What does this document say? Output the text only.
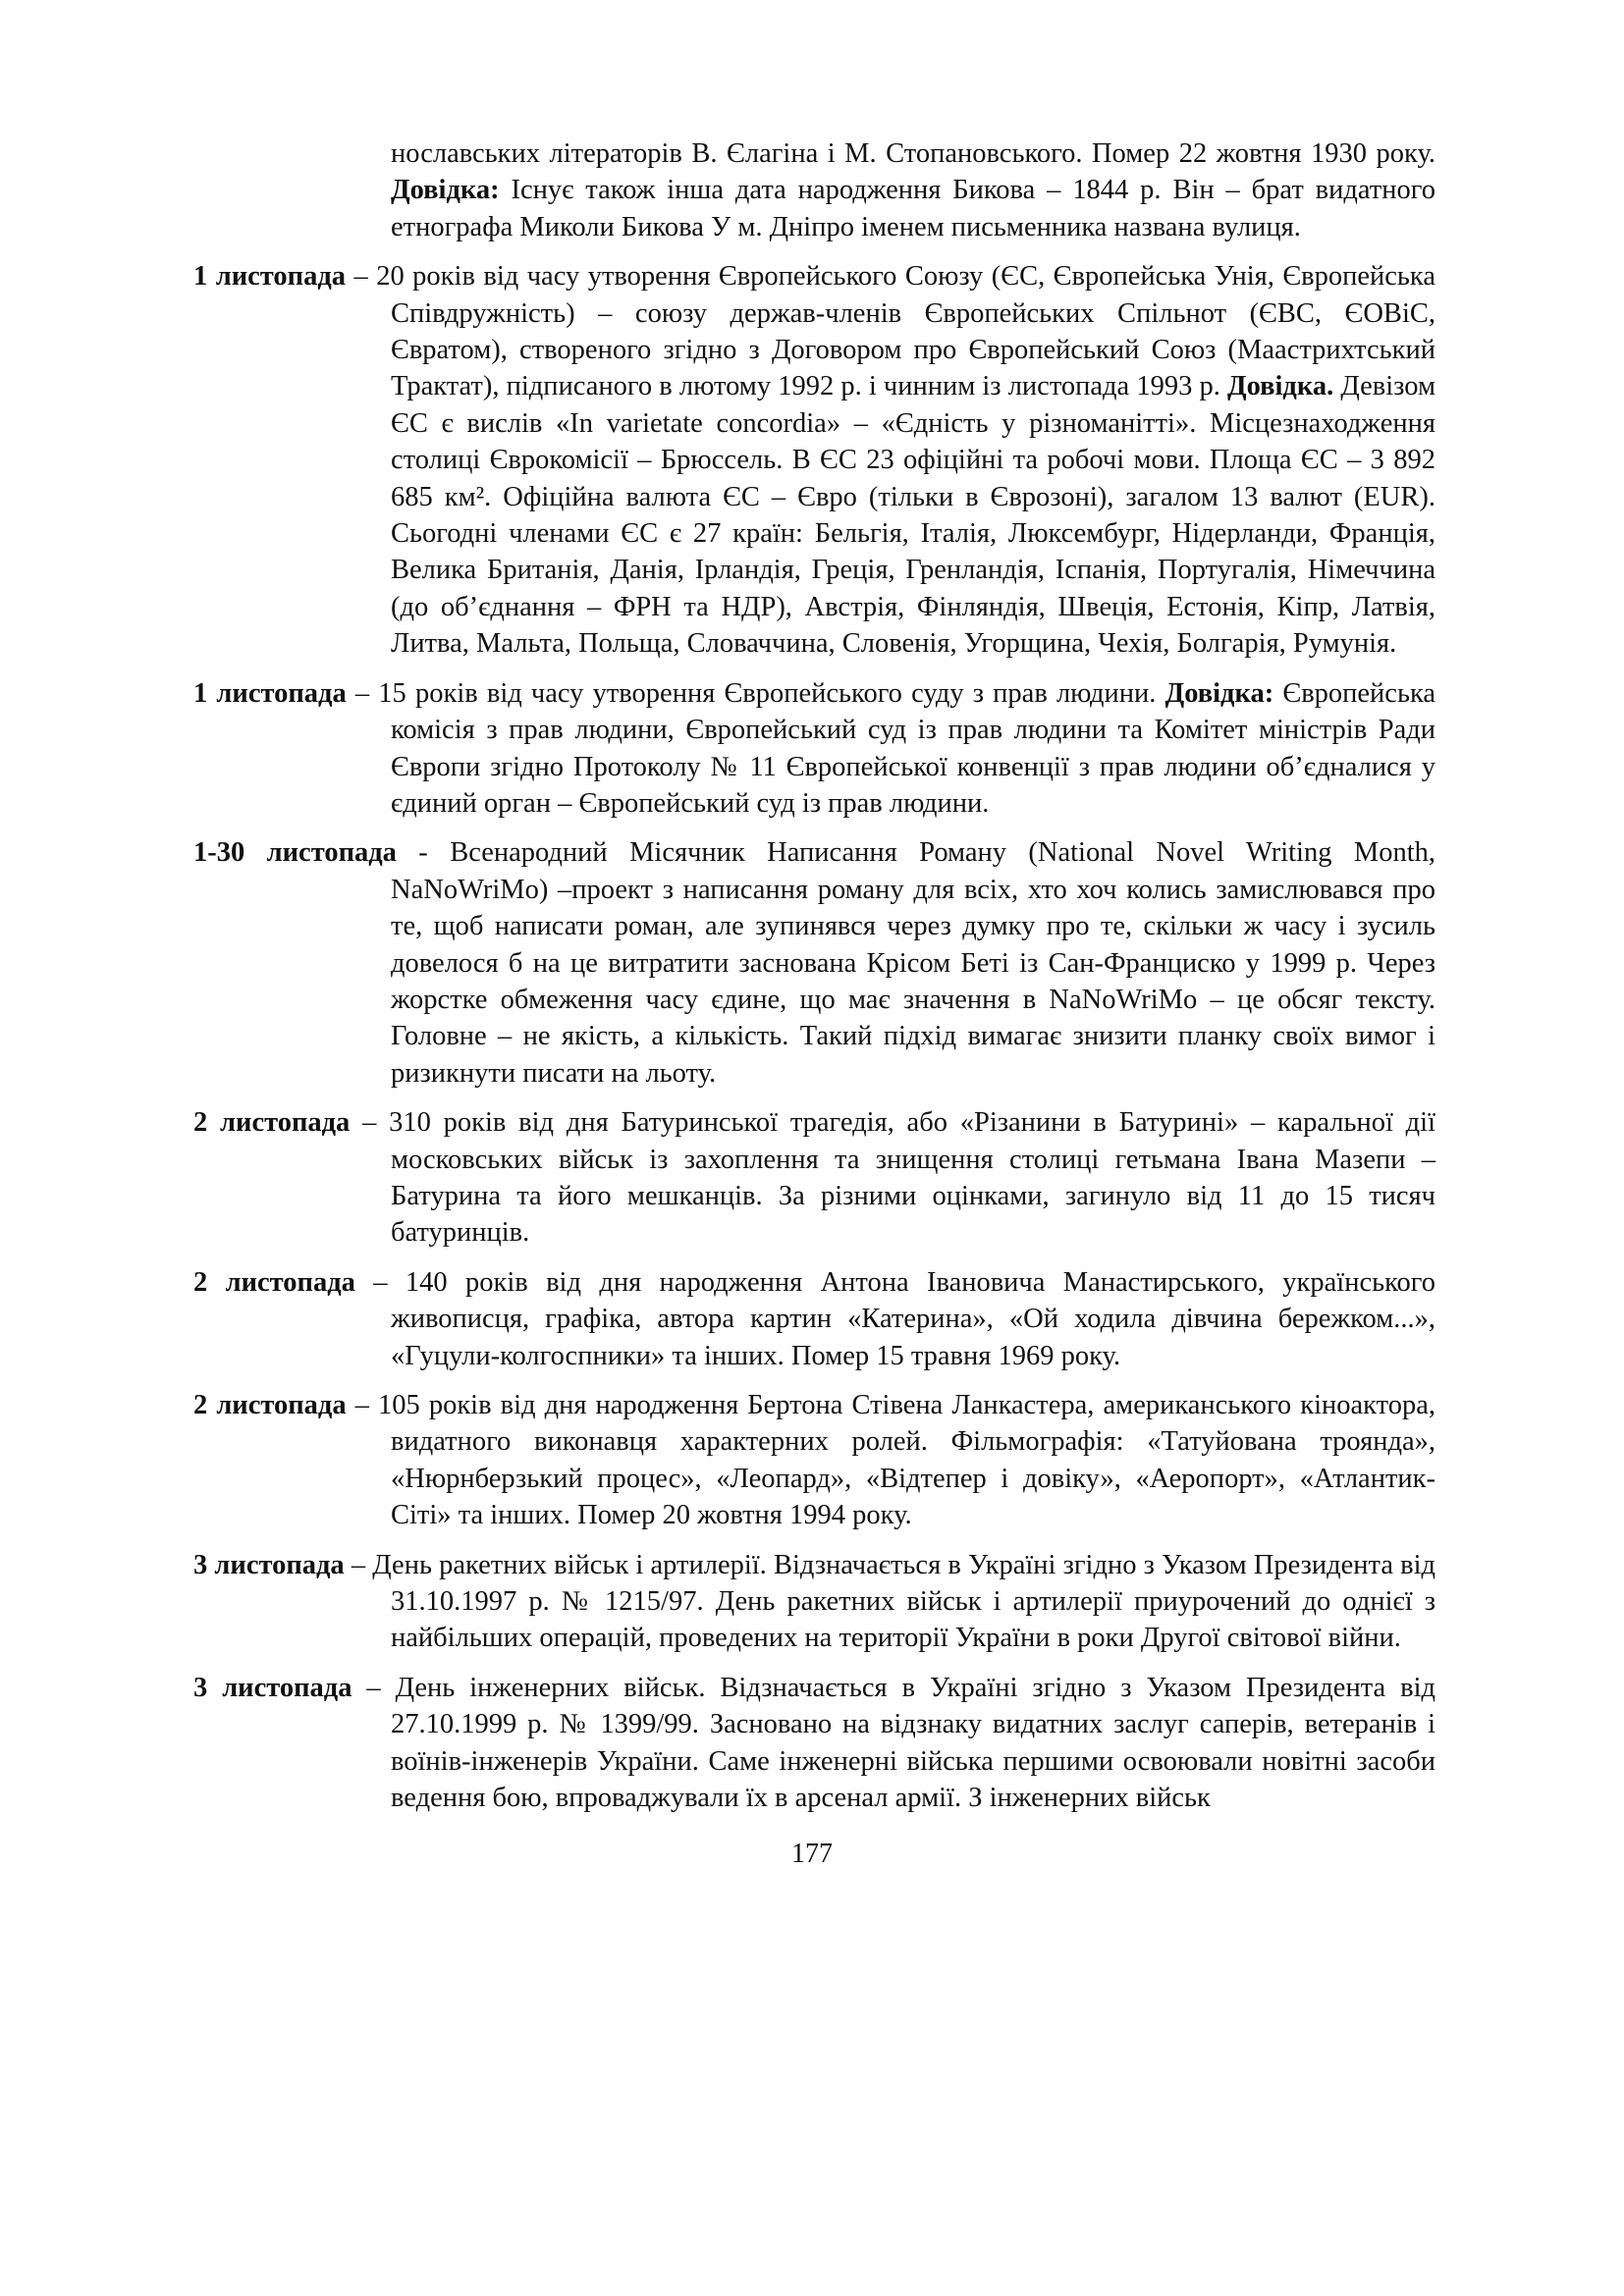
нославських літераторів В. Єлагіна і М. Стопановського. Помер 22 жовтня 1930 року. Довідка: Існує також інша дата народження Бикова – 1844 р. Він – брат видатного етнографа Миколи Бикова У м. Дніпро іменем письменника названа вулиця.

1 листопада – 20 років від часу утворення Європейського Союзу (ЄС, Європейська Унія, Європейська Співдружність) – союзу держав-членів Європейських Спільнот (ЄВС, ЄОВіС, Євратом), створеного згідно з Договором про Європейський Союз (Маастрихтський Трактат), підписаного в лютому 1992 р. і чинним із листопада 1993 р. Довідка. Девізом ЄС є вислів «In varietate concordia» – «Єдність у різноманітті». Місцезнаходження столиці Єврокомісії – Брюссель. В ЄС 23 офіційні та робочі мови. Площа ЄС – 3 892 685 км². Офіційна валюта ЄС – Євро (тільки в Єврозоні), загалом 13 валют (EUR). Сьогодні членами ЄС є 27 країн: Бельгія, Італія, Люксембург, Нідерланди, Франція, Велика Британія, Данія, Ірландія, Греція, Гренландія, Іспанія, Португалія, Німеччина (до об’єднання – ФРН та НДР), Австрія, Фінляндія, Швеція, Естонія, Кіпр, Латвія, Литва, Мальта, Польща, Словаччина, Словенія, Угорщина, Чехія, Болгарія, Румунія.

1 листопада – 15 років від часу утворення Європейського суду з прав людини. Довідка: Європейська комісія з прав людини, Європейський суд із прав людини та Комітет міністрів Ради Європи згідно Протоколу № 11 Європейської конвенції з прав людини об’єдналися у єдиний орган – Європейський суд із прав людини.

1-30 листопада - Всенародний Місячник Написання Роману (National Novel Writing Month, NaNoWriMo) –проект з написання роману для всіх, хто хоч колись замислювався про те, щоб написати роман, але зупинявся через думку про те, скільки ж часу і зусиль довелося б на це витратити заснована Крісом Беті із Сан-Франциско у 1999 р. Через жорстке обмеження часу єдине, що має значення в NaNoWriMo – це обсяг тексту. Головне – не якість, а кількість. Такий підхід вимагає знизити планку своїх вимог і ризикнути писати на льоту.

2 листопада – 310 років від дня Батуринської трагедія, або «Різанини в Батурині» – каральної дії московських військ із захоплення та знищення столиці гетьмана Івана Мазепи – Батурина та його мешканців. За різними оцінками, загинуло від 11 до 15 тисяч батуринців.

2 листопада – 140 років від дня народження Антона Івановича Манастирського, українського живописця, графіка, автора картин «Катерина», «Ой ходила дівчина бережком...», «Гуцули-колгоспники» та інших. Помер 15 травня 1969 року.

2 листопада – 105 років від дня народження Бертона Стівена Ланкастера, американського кіноактора, видатного виконавця характерних ролей. Фільмографія: «Татуйована троянда», «Нюрнберзький процес», «Леопард», «Відтепер і довіку», «Аеропорт», «Атлантик-Сіті» та інших. Помер 20 жовтня 1994 року.

3 листопада – День ракетних військ і артилерії. Відзначається в Україні згідно з Указом Президента від 31.10.1997 р. № 1215/97. День ракетних військ і артилерії приурочений до однієї з найбільших операцій, проведених на території України в роки Другої світової війни.

3 листопада – День інженерних військ. Відзначається в Україні згідно з Указом Президента від 27.10.1999 р. № 1399/99. Засновано на відзнаку видатних заслуг саперів, ветеранів і воїнів-інженерів України. Саме інженерні війська першими освоювали новітні засоби ведення бою, впроваджували їх в арсенал армії. З інженерних військ

177
